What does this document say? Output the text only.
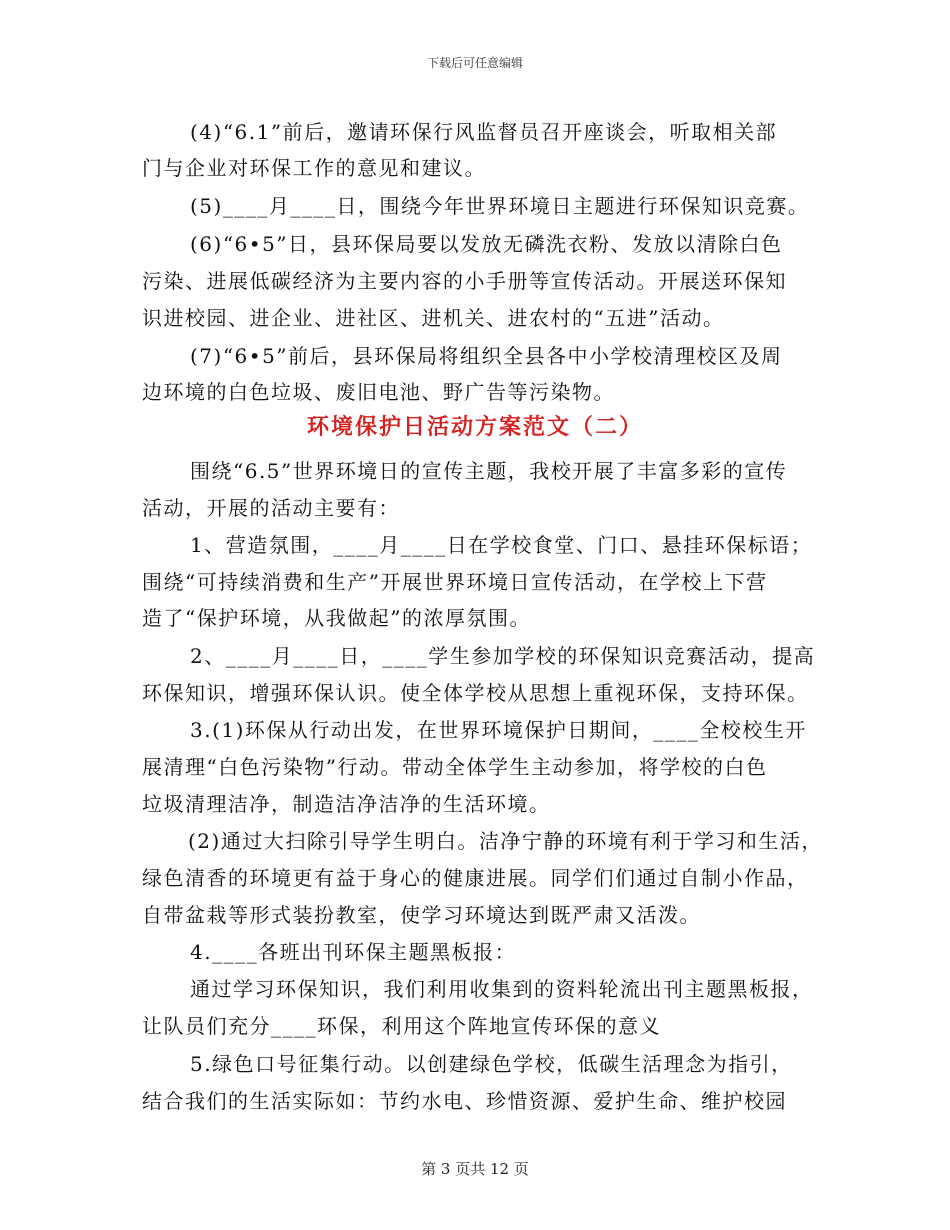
下载后可任意编辑
(4)“6.1”前后，邀请环保行风监督员召开座谈会，听取相关部
门与企业对环保工作的意见和建议。
(5)____月____日，围绕今年世界环境日主题进行环保知识竞赛。
(6)“6•5”日，县环保局要以发放无磷洗衣粉、发放以清除白色
污染、进展低碳经济为主要内容的小手册等宣传活动。开展送环保知
识进校园、进企业、进社区、进机关、进农村的“五进”活动。
(7)“6•5”前后，县环保局将组织全县各中小学校清理校区及周
边环境的白色垃圾、废旧电池、野广告等污染物。
环境保护日活动方案范文（二）
围绕“6.5”世界环境日的宣传主题，我校开展了丰富多彩的宣传
活动，开展的活动主要有：
1、营造氛围，____月____日在学校食堂、门口、悬挂环保标语；
围绕“可持续消费和生产”开展世界环境日宣传活动，在学校上下营
造了“保护环境，从我做起”的浓厚氛围。
2、____月____日，____学生参加学校的环保知识竞赛活动，提高
环保知识，增强环保认识。使全体学校从思想上重视环保，支持环保。
3.(1)环保从行动出发，在世界环境保护日期间，____全校校生开
展清理“白色污染物”行动。带动全体学生主动参加，将学校的白色
垃圾清理洁净，制造洁净洁净的生活环境。
(2)通过大扫除引导学生明白。洁净宁静的环境有利于学习和生活，
绿色清香的环境更有益于身心的健康进展。同学们们通过自制小作品，
自带盆栽等形式装扮教室，使学习环境达到既严肃又活泼。
4.____各班出刊环保主题黑板报：
通过学习环保知识，我们利用收集到的资料轮流出刊主题黑板报，
让队员们充分____环保，利用这个阵地宣传环保的意义
5.绿色口号征集行动。以创建绿色学校，低碳生活理念为指引，
结合我们的生活实际如：节约水电、珍惜资源、爱护生命、维护校园
第 3 页共 12 页
